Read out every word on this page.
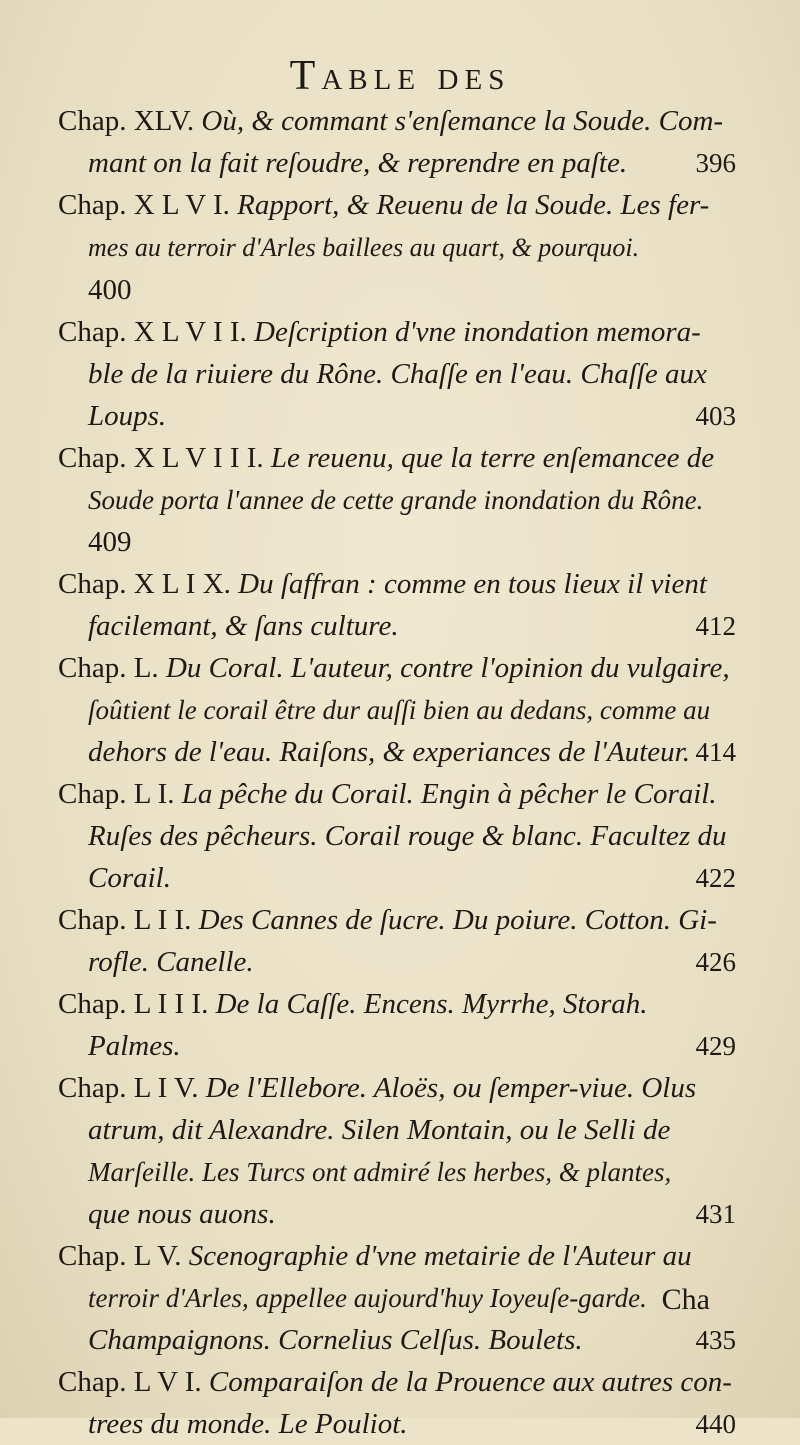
Table des
Chap. XLV. Où, & commant s'enſemance la Soude. Com-
mant on la fait reſoudre, & reprendre en paſte.	396
Chap. X L V I. Rapport, & Reuenu de la Soude. Les fer-
mes au terroir d'Arles baillees au quart, & pourquoi.
400
Chap. X L V I I. Deſcription d'vne inondation memora-
ble de la riuiere du Rône. Chaſſe en l'eau. Chaſſe aux
Loups.	403
Chap. X L V I I I. Le reuenu, que la terre enſemancee de
Soude porta l'annee de cette grande inondation du Rône.
409
Chap. X L I X. Du ſaffran : comme en tous lieux il vient
facilemant, & ſans culture.	412
Chap. L. Du Coral. L'auteur, contre l'opinion du vulgaire,
ſoûtient le corail être dur auſſi bien au dedans, comme au
dehors de l'eau. Raiſons, & experiances de l'Auteur. 414
Chap. L I. La pêche du Corail. Engin à pêcher le Corail.
Ruſes des pêcheurs. Corail rouge & blanc. Facultez du
Corail.	422
Chap. L I I. Des Cannes de ſucre. Du poiure. Cotton. Gi-
rofle. Canelle.	426
Chap. L I I I. De la Caſſe. Encens. Myrrhe, Storah.
Palmes.	429
Chap. L I V. De l'Ellebore. Aloës, ou ſemper-viue. Olus
atrum, dit Alexandre. Silen Montain, ou le Selli de
Marſeille. Les Turcs ont admiré les herbes, & plantes,
que nous auons.	431
Chap. L V. Scenographie d'vne metairie de l'Auteur au
terroir d'Arles, appellee aujourd'huy Ioyeuſe-garde.
Champaignons. Cornelius Celſus. Boulets.	435
Chap. L V I. Comparaiſon de la Prouence aux autres con-
trees du monde. Le Pouliot.	440
Cha
